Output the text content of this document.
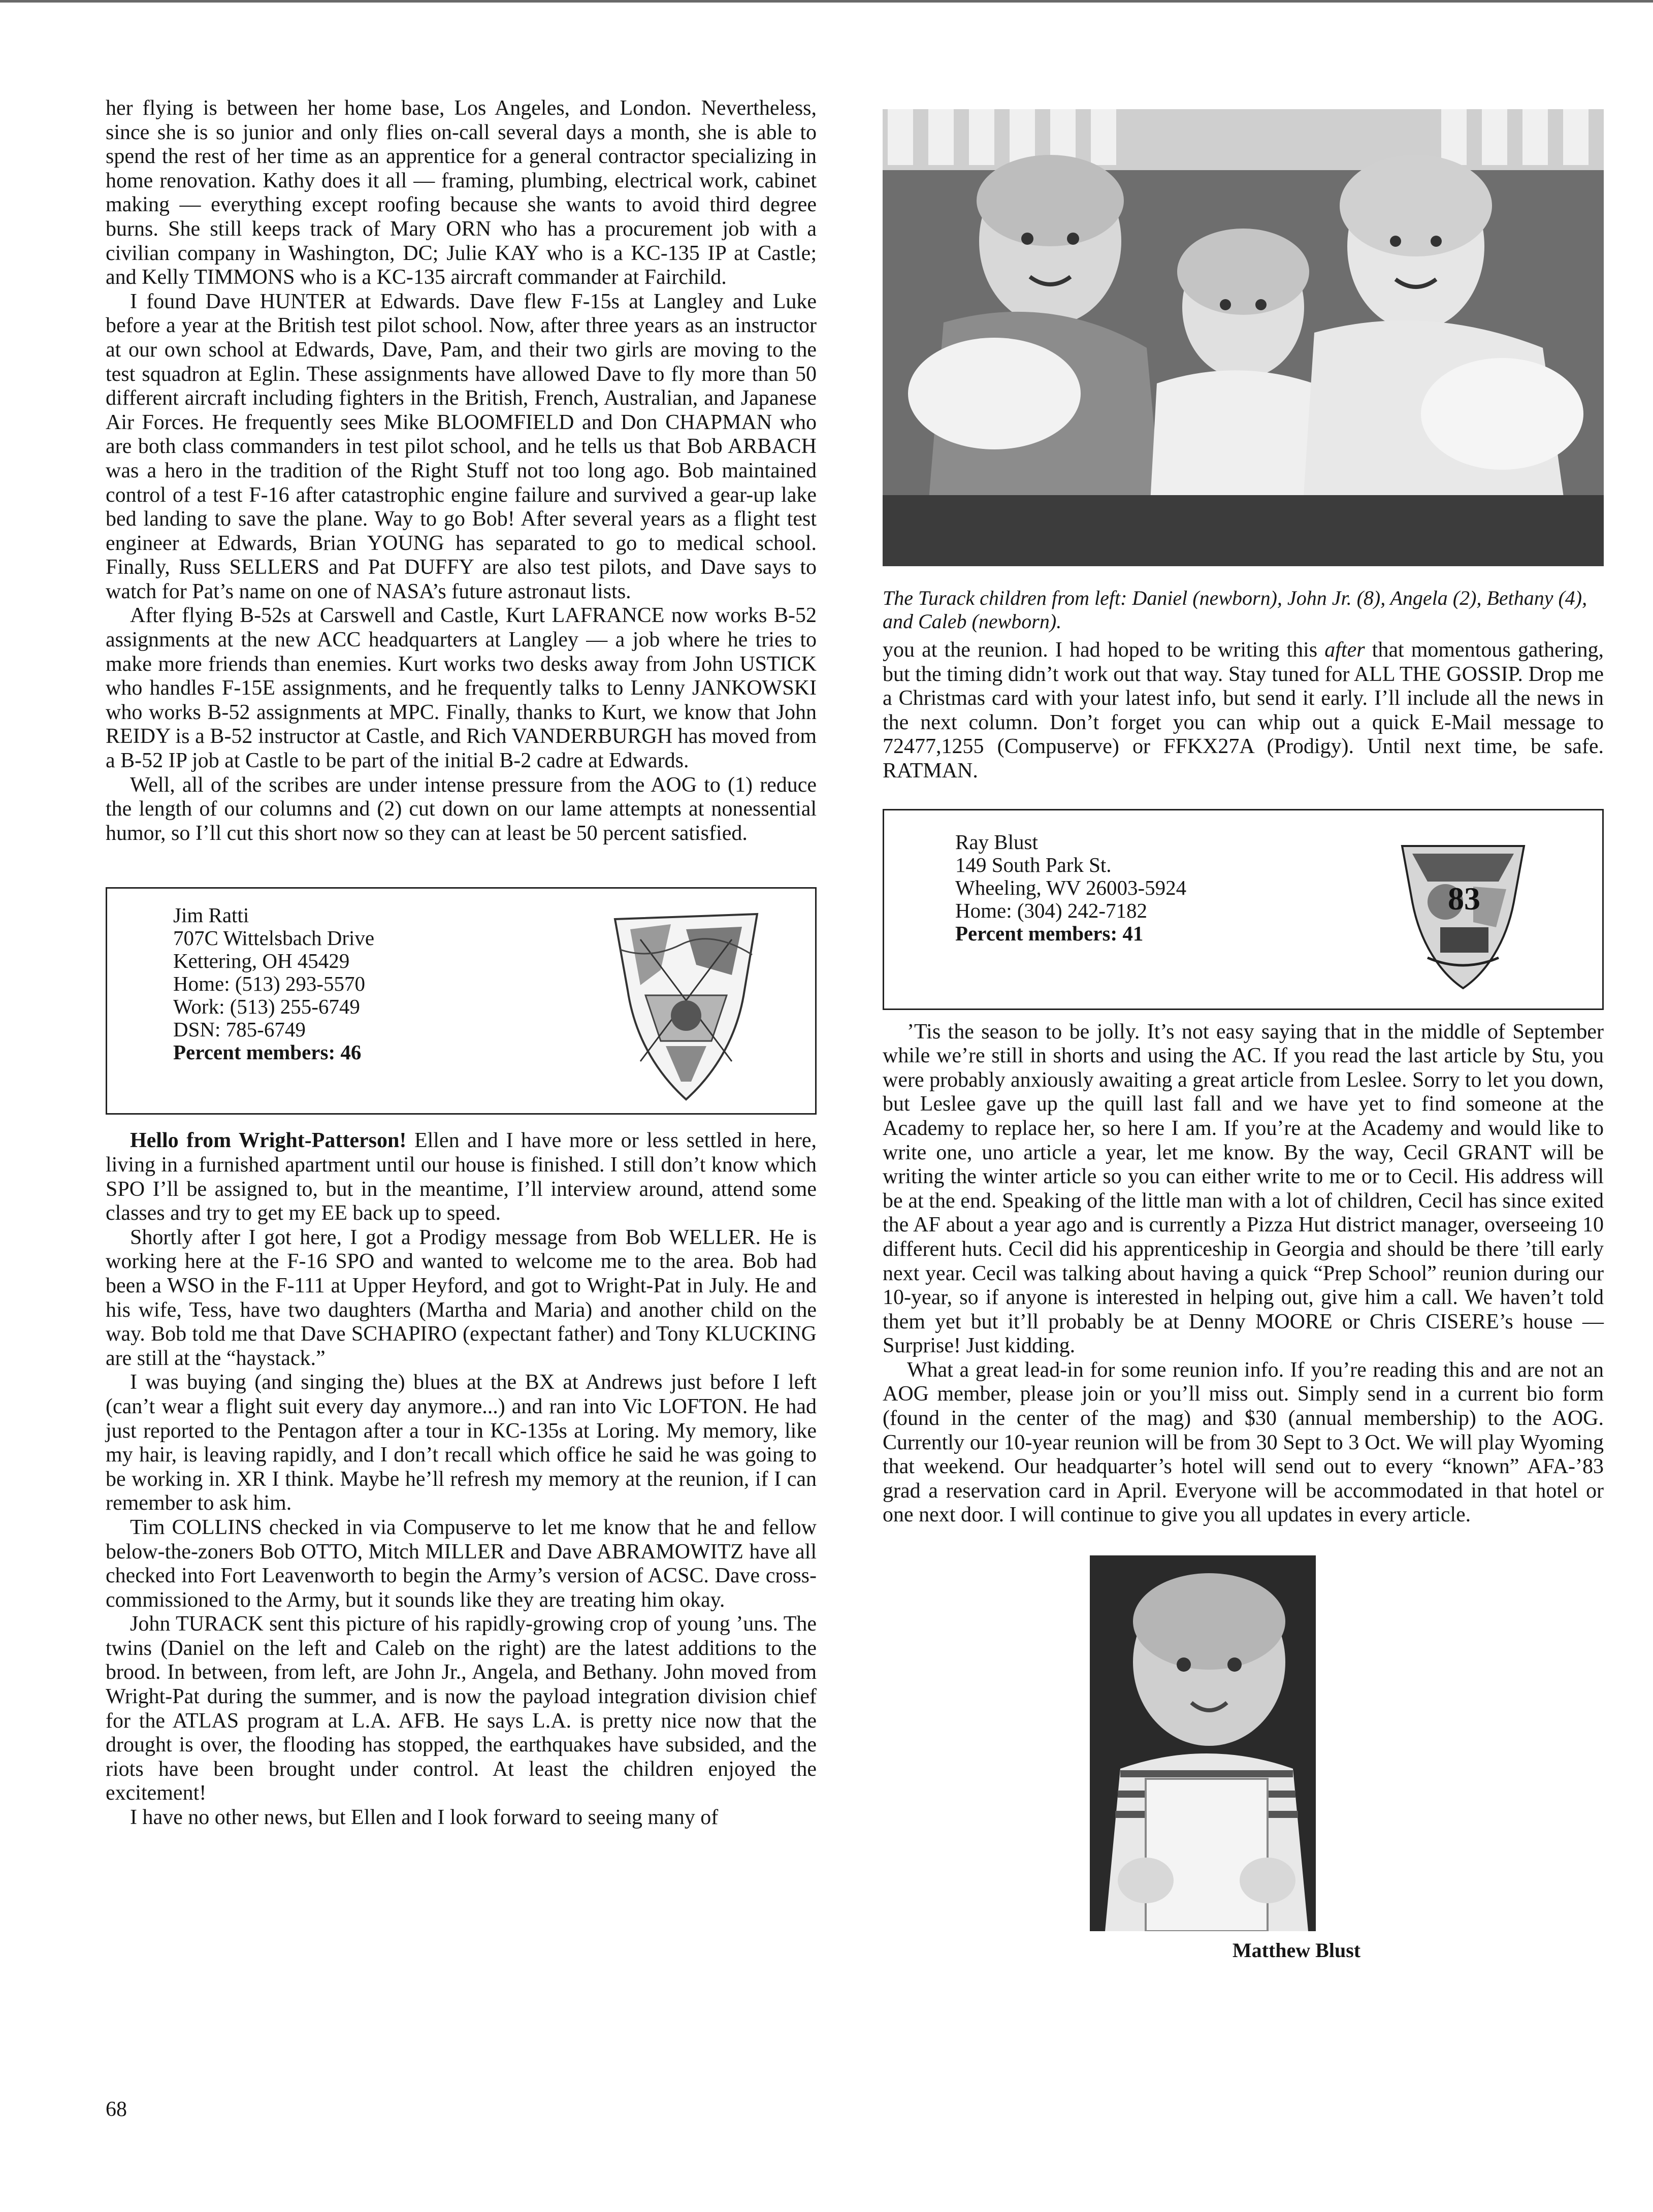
her flying is between her home base, Los Angeles, and London. Nevertheless, since she is so junior and only flies on-call several days a month, she is able to spend the rest of her time as an apprentice for a general contractor specializing in home renovation. Kathy does it all — framing, plumbing, electrical work, cabinet making — everything except roofing because she wants to avoid third degree burns. She still keeps track of Mary ORN who has a procurement job with a civilian company in Washington, DC; Julie KAY who is a KC-135 IP at Castle; and Kelly TIMMONS who is a KC-135 aircraft commander at Fairchild.

I found Dave HUNTER at Edwards. Dave flew F-15s at Langley and Luke before a year at the British test pilot school. Now, after three years as an instructor at our own school at Edwards, Dave, Pam, and their two girls are moving to the test squadron at Eglin. These assignments have allowed Dave to fly more than 50 different aircraft including fighters in the British, French, Australian, and Japanese Air Forces. He frequently sees Mike BLOOMFIELD and Don CHAPMAN who are both class commanders in test pilot school, and he tells us that Bob ARBACH was a hero in the tradition of the Right Stuff not too long ago. Bob maintained control of a test F-16 after catastrophic engine failure and survived a gear-up lake bed landing to save the plane. Way to go Bob! After several years as a flight test engineer at Edwards, Brian YOUNG has separated to go to medical school. Finally, Russ SELLERS and Pat DUFFY are also test pilots, and Dave says to watch for Pat’s name on one of NASA’s future astronaut lists.

After flying B-52s at Carswell and Castle, Kurt LAFRANCE now works B-52 assignments at the new ACC headquarters at Langley — a job where he tries to make more friends than enemies. Kurt works two desks away from John USTICK who handles F-15E assignments, and he frequently talks to Lenny JANKOWSKI who works B-52 assignments at MPC. Finally, thanks to Kurt, we know that John REIDY is a B-52 instructor at Castle, and Rich VANDERBURGH has moved from a B-52 IP job at Castle to be part of the initial B-2 cadre at Edwards.

Well, all of the scribes are under intense pressure from the AOG to (1) reduce the length of our columns and (2) cut down on our lame attempts at nonessential humor, so I’ll cut this short now so they can at least be 50 percent satisfied.

Jim Ratti
707C Wittelsbach Drive
Kettering, OH 45429
Home: (513) 293-5570
Work: (513) 255-6749
DSN: 785-6749
Percent members: 46

Hello from Wright-Patterson! Ellen and I have more or less settled in here, living in a furnished apartment until our house is finished. I still don’t know which SPO I’ll be assigned to, but in the meantime, I’ll interview around, attend some classes and try to get my EE back up to speed.

Shortly after I got here, I got a Prodigy message from Bob WELLER. He is working here at the F-16 SPO and wanted to welcome me to the area. Bob had been a WSO in the F-111 at Upper Heyford, and got to Wright-Pat in July. He and his wife, Tess, have two daughters (Martha and Maria) and another child on the way. Bob told me that Dave SCHAPIRO (expectant father) and Tony KLUCKING are still at the “haystack.”

I was buying (and singing the) blues at the BX at Andrews just before I left (can’t wear a flight suit every day anymore...) and ran into Vic LOFTON. He had just reported to the Pentagon after a tour in KC-135s at Loring. My memory, like my hair, is leaving rapidly, and I don’t recall which office he said he was going to be working in. XR I think. Maybe he’ll refresh my memory at the reunion, if I can remember to ask him.

Tim COLLINS checked in via Compuserve to let me know that he and fellow below-the-zoners Bob OTTO, Mitch MILLER and Dave ABRAMOWITZ have all checked into Fort Leavenworth to begin the Army’s version of ACSC. Dave cross-commissioned to the Army, but it sounds like they are treating him okay.

John TURACK sent this picture of his rapidly-growing crop of young ’uns. The twins (Daniel on the left and Caleb on the right) are the latest additions to the brood. In between, from left, are John Jr., Angela, and Bethany. John moved from Wright-Pat during the summer, and is now the payload integration division chief for the ATLAS program at L.A. AFB. He says L.A. is pretty nice now that the drought is over, the flooding has stopped, the earthquakes have subsided, and the riots have been brought under control. At least the children enjoyed the excitement!

I have no other news, but Ellen and I look forward to seeing many of

The Turack children from left: Daniel (newborn), John Jr. (8), Angela (2), Bethany (4), and Caleb (newborn).

you at the reunion. I had hoped to be writing this after that momentous gathering, but the timing didn’t work out that way. Stay tuned for ALL THE GOSSIP. Drop me a Christmas card with your latest info, but send it early. I’ll include all the news in the next column. Don’t forget you can whip out a quick E-Mail message to 72477,1255 (Compuserve) or FFKX27A (Prodigy). Until next time, be safe. RATMAN.

Ray Blust
149 South Park St.
Wheeling, WV 26003-5924
Home: (304) 242-7182
Percent members: 41
83

’Tis the season to be jolly. It’s not easy saying that in the middle of September while we’re still in shorts and using the AC. If you read the last article by Stu, you were probably anxiously awaiting a great article from Leslee. Sorry to let you down, but Leslee gave up the quill last fall and we have yet to find someone at the Academy to replace her, so here I am. If you’re at the Academy and would like to write one, uno article a year, let me know. By the way, Cecil GRANT will be writing the winter article so you can either write to me or to Cecil. His address will be at the end. Speaking of the little man with a lot of children, Cecil has since exited the AF about a year ago and is currently a Pizza Hut district manager, overseeing 10 different huts. Cecil did his apprenticeship in Georgia and should be there ’till early next year. Cecil was talking about having a quick “Prep School” reunion during our 10-year, so if anyone is interested in helping out, give him a call. We haven’t told them yet but it’ll probably be at Denny MOORE or Chris CISERE’s house — Surprise! Just kidding.

What a great lead-in for some reunion info. If you’re reading this and are not an AOG member, please join or you’ll miss out. Simply send in a current bio form (found in the center of the mag) and $30 (annual membership) to the AOG. Currently our 10-year reunion will be from 30 Sept to 3 Oct. We will play Wyoming that weekend. Our headquarter’s hotel will send out to every “known” AFA-’83 grad a reservation card in April. Everyone will be accommodated in that hotel or one next door. I will continue to give you all updates in every article.

Matthew Blust

68
